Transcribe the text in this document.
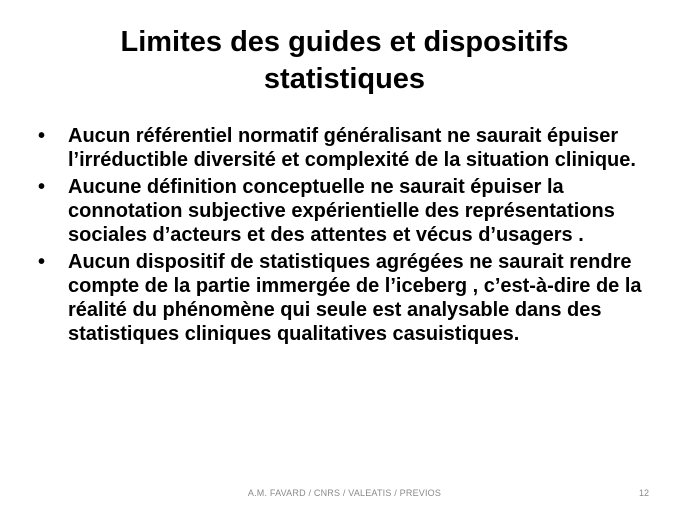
Limites des guides et dispositifs
statistiques
• Aucun référentiel normatif généralisant ne saurait épuiser l’irréductible diversité et complexité de la situation clinique.
• Aucune définition conceptuelle ne saurait épuiser la connotation subjective expérientielle des représentations sociales d’acteurs et des attentes et vécus d’usagers .
• Aucun dispositif de statistiques agrégées ne saurait rendre compte de la partie immergée de l’iceberg , c’est-à-dire de la réalité du phénomène qui seule est analysable dans des statistiques cliniques qualitatives casuistiques.
A.M. FAVARD / CNRS / VALEATIS / PREVIOS	12
